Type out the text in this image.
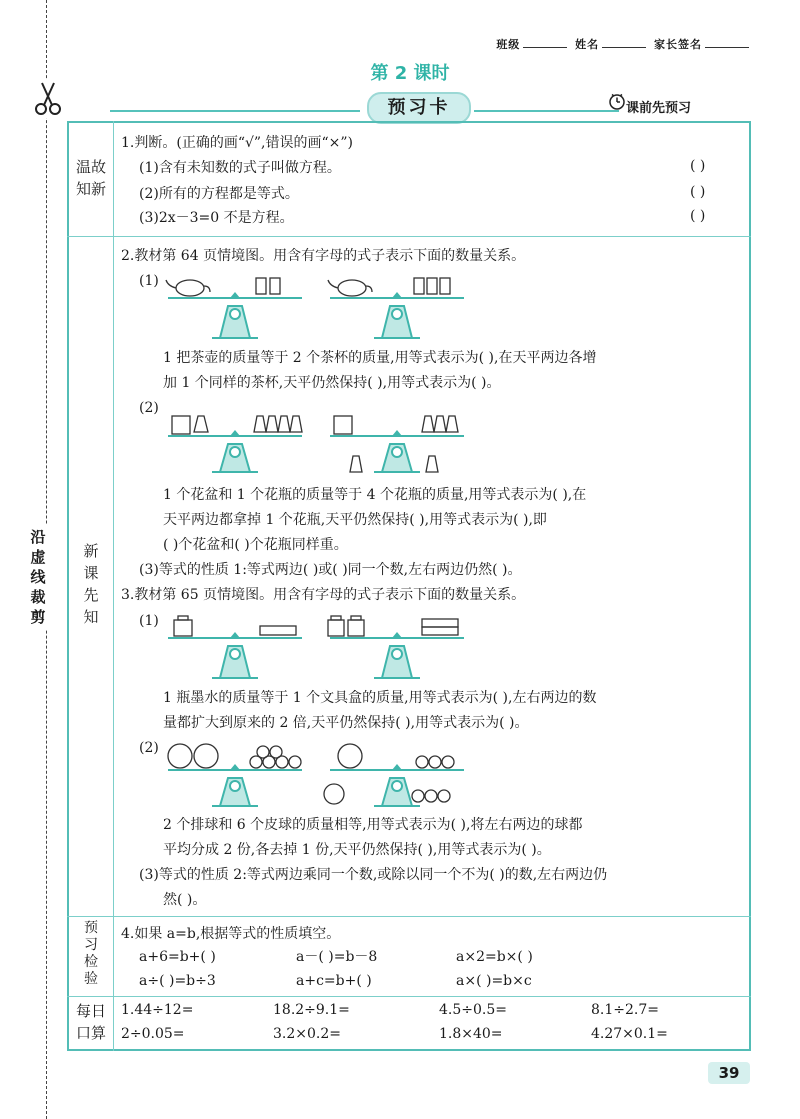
沿虚线裁剪
班级	姓名	家长签名
第 2 课时
预习卡	课前先预习
温故知新
新课先知
预习检验
每日口算
1.判断。(正确的画“√”,错误的画“×”)
(1)含有未知数的式子叫做方程。	( )
(2)所有的方程都是等式。	( )
(3)2x－3=0 不是方程。	( )
2.教材第 64 页情境图。用含有字母的式子表示下面的数量关系。
(1)
1 把茶壶的质量等于 2 个茶杯的质量,用等式表示为( ),在天平两边各增
加 1 个同样的茶杯,天平仍然保持( ),用等式表示为( )。
(2)
1 个花盆和 1 个花瓶的质量等于 4 个花瓶的质量,用等式表示为( ),在
天平两边都拿掉 1 个花瓶,天平仍然保持( ),用等式表示为( ),即
( )个花盆和( )个花瓶同样重。
(3)等式的性质 1:等式两边( )或( )同一个数,左右两边仍然( )。
3.教材第 65 页情境图。用含有字母的式子表示下面的数量关系。
(1)
1 瓶墨水的质量等于 1 个文具盒的质量,用等式表示为( ),左右两边的数
量都扩大到原来的 2 倍,天平仍然保持( ),用等式表示为( )。
(2)
2 个排球和 6 个皮球的质量相等,用等式表示为( ),将左右两边的球都
平均分成 2 份,各去掉 1 份,天平仍然保持( ),用等式表示为( )。
(3)等式的性质 2:等式两边乘同一个数,或除以同一个不为( )的数,左右两边仍
然( )。
4.如果 a=b,根据等式的性质填空。
a+6=b+( )	a－( )=b－8	a×2=b×( )
a÷( )=b÷3	a+c=b+( )	a×( )=b×c
1.44÷12=	18.2÷9.1=	4.5÷0.5=	8.1÷2.7=
2÷0.05=	3.2×0.2=	1.8×40=	4.27×0.1=
39
